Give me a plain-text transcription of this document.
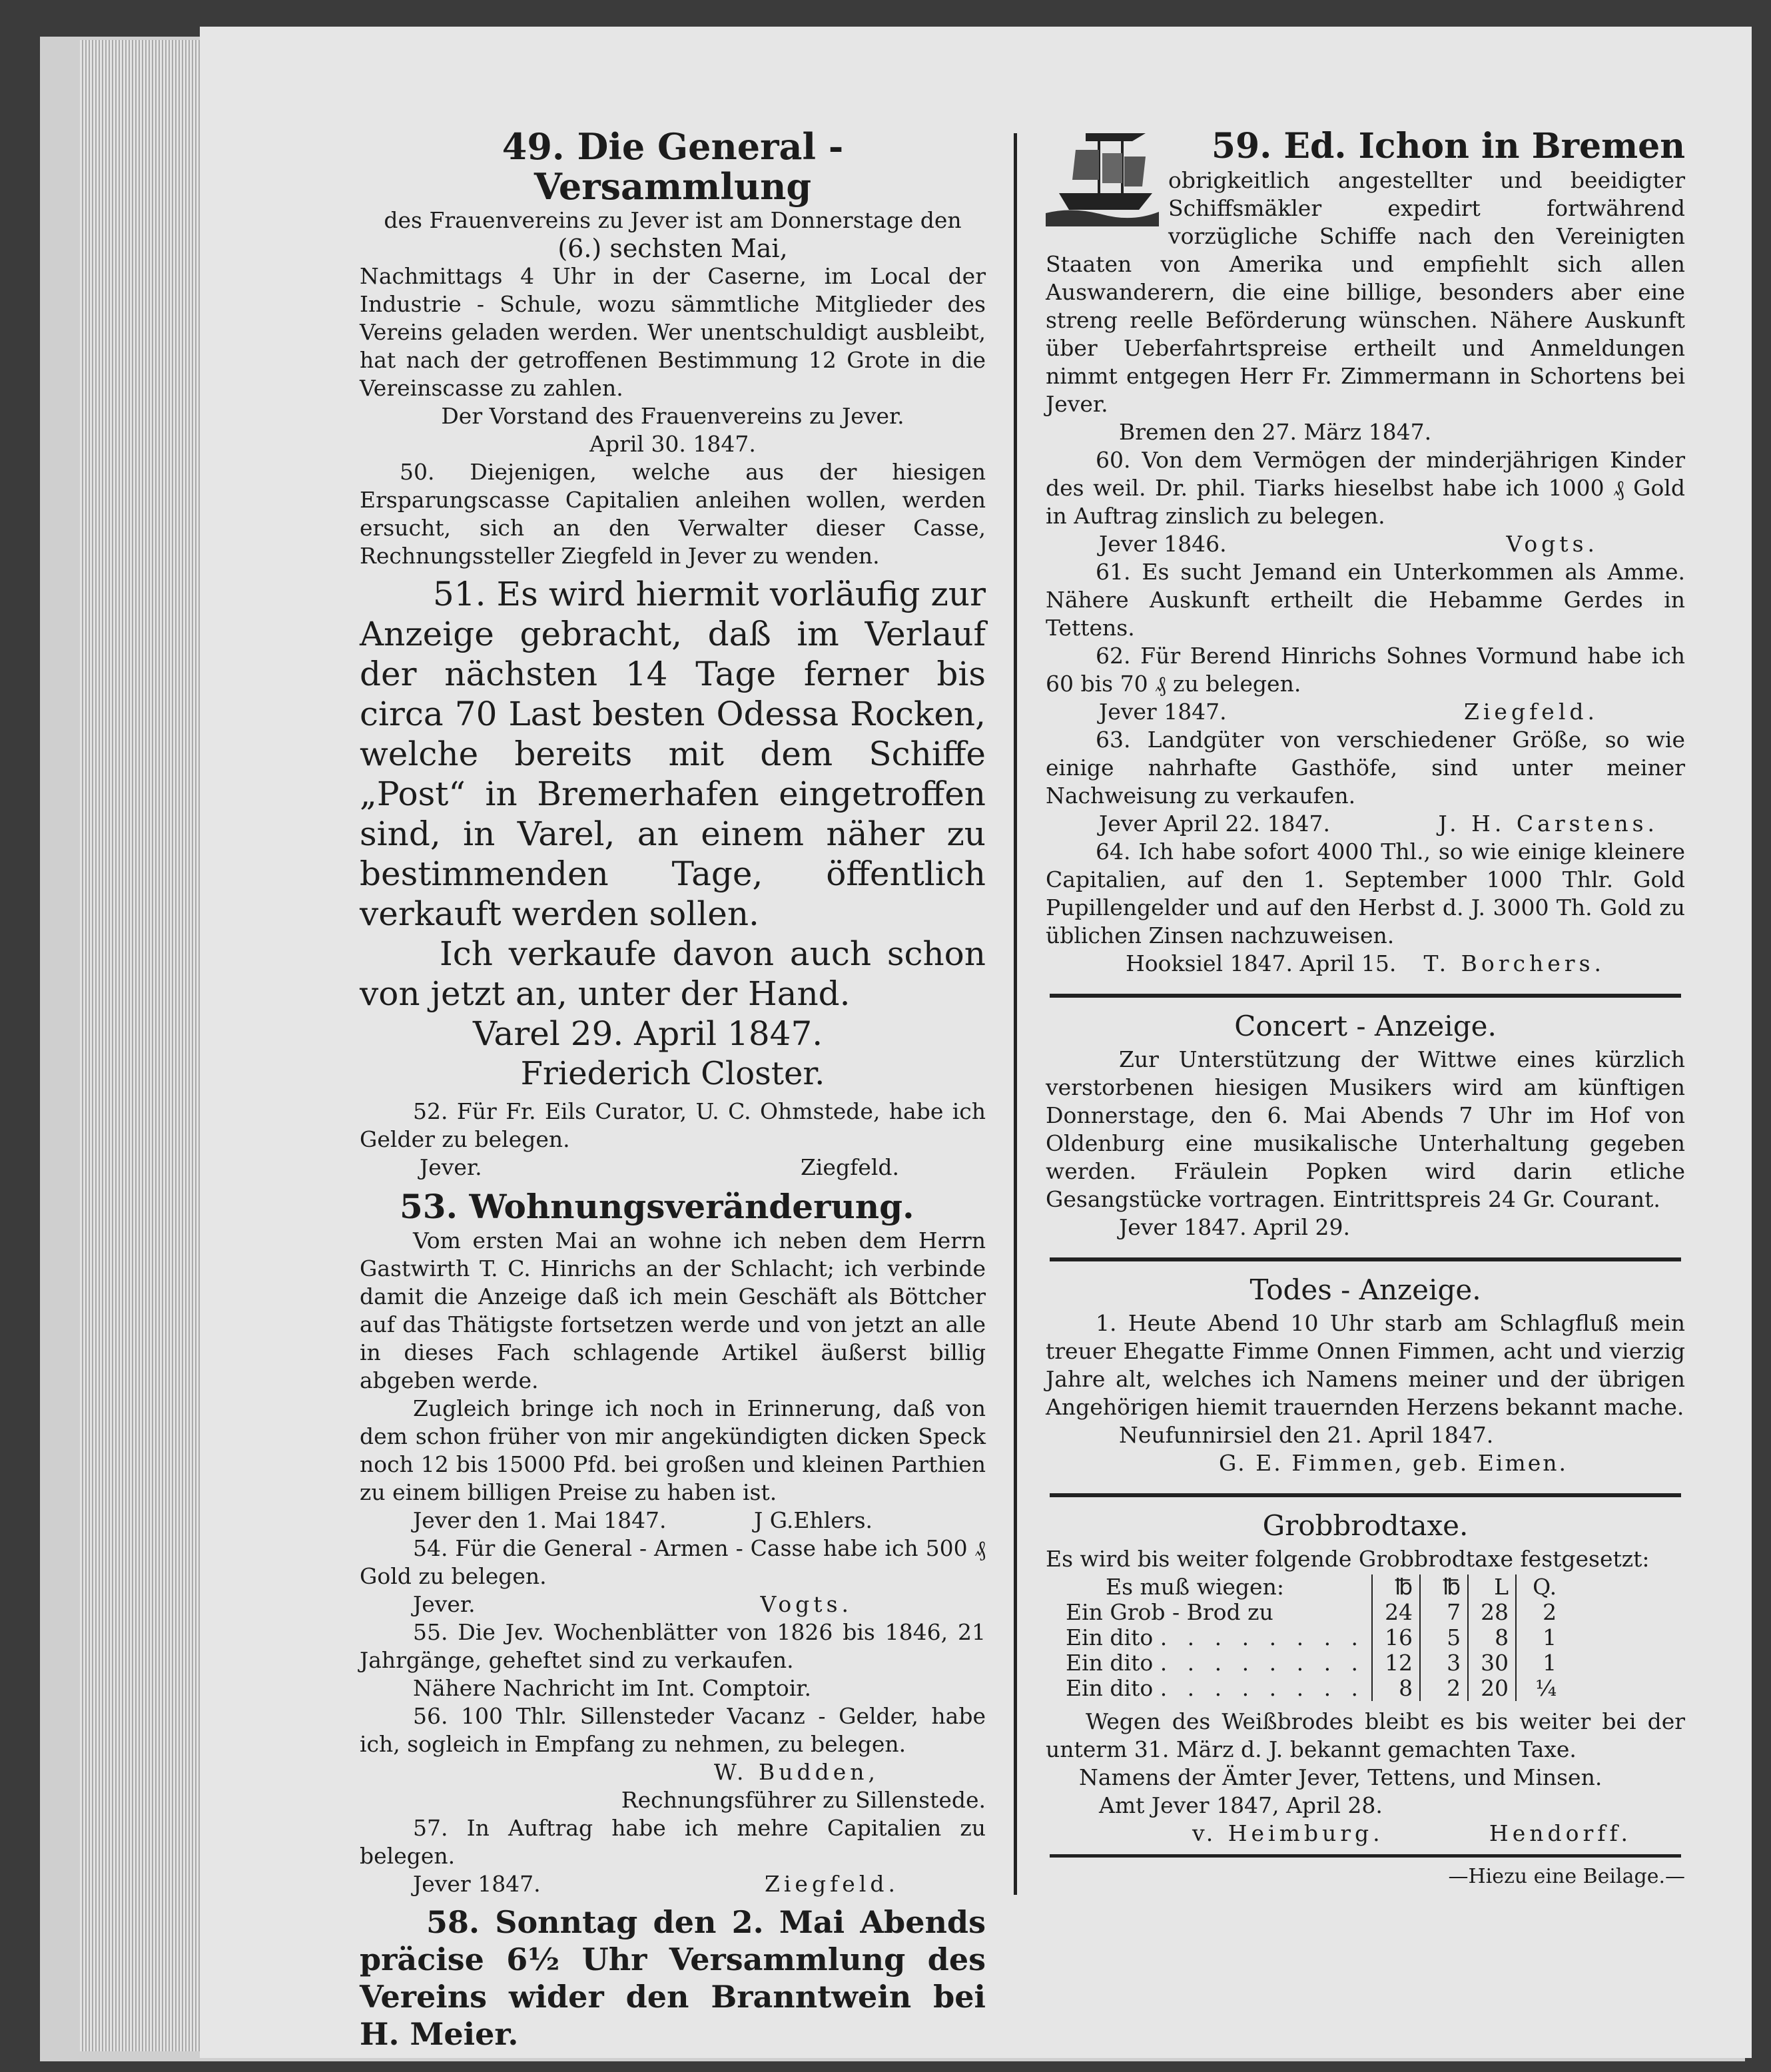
49. Die General - Versammlung

des Frauenvereins zu Jever ist am Donnerstage den

(6.) sechsten Mai,

Nachmittags 4 Uhr in der Caserne, im Local der Industrie - Schule, wozu sämmtliche Mitglieder des Vereins geladen werden. Wer unentschuldigt ausbleibt, hat nach der getroffenen Bestimmung 12 Grote in die Vereinscasse zu zahlen.

Der Vorstand des Frauenvereins zu Jever.

April 30. 1847.

50. Diejenigen, welche aus der hiesigen Ersparungscasse Capitalien anleihen wollen, werden ersucht, sich an den Verwalter dieser Casse, Rechnungssteller Ziegfeld in Jever zu wenden.

51. Es wird hiermit vorläufig zur Anzeige gebracht, daß im Verlauf der nächsten 14 Tage ferner bis circa 70 Last besten Odessa Rocken, welche bereits mit dem Schiffe „Post“ in Bremerhafen eingetroffen sind, in Varel, an einem näher zu bestimmenden Tage, öffentlich verkauft werden sollen.

Ich verkaufe davon auch schon von jetzt an, unter der Hand.

Varel 29. April 1847.

Friederich Closter.

52. Für Fr. Eils Curator, U. C. Ohmstede, habe ich Gelder zu belegen.

Jever.	Ziegfeld.

53. Wohnungsveränderung.

Vom ersten Mai an wohne ich neben dem Herrn Gastwirth T. C. Hinrichs an der Schlacht; ich verbinde damit die Anzeige daß ich mein Geschäft als Böttcher auf das Thätigste fortsetzen werde und von jetzt an alle in dieses Fach schlagende Artikel äußerst billig abgeben werde.

Zugleich bringe ich noch in Erinnerung, daß von dem schon früher von mir angekündigten dicken Speck noch 12 bis 15000 Pfd. bei großen und kleinen Parthien zu einem billigen Preise zu haben ist.

Jever den 1. Mai 1847.	J G.Ehlers.

54. Für die General - Armen - Casse habe ich 500 ₰ Gold zu belegen.

Jever.	Vogts.

55. Die Jev. Wochenblätter von 1826 bis 1846, 21 Jahrgänge, geheftet sind zu verkaufen.

Nähere Nachricht im Int. Comptoir.

56. 100 Thlr. Sillensteder Vacanz - Gelder, habe ich, sogleich in Empfang zu nehmen, zu belegen.

W. Budden,

Rechnungsführer zu Sillenstede.

57. In Auftrag habe ich mehre Capitalien zu belegen.

Jever 1847.	Ziegfeld.

58. Sonntag den 2. Mai Abends präcise 6½ Uhr Versammlung des Vereins wider den Branntwein bei H. Meier.

59. Ed. Ichon in Bremen

obrigkeitlich angestellter und beeidigter Schiffsmäkler expedirt fortwährend vorzügliche Schiffe nach den Vereinigten Staaten von Amerika und empfiehlt sich allen Auswanderern, die eine billige, besonders aber eine streng reelle Beförderung wünschen. Nähere Auskunft über Ueberfahrtspreise ertheilt und Anmeldungen nimmt entgegen Herr Fr. Zimmermann in Schortens bei Jever.

Bremen den 27. März 1847.

60. Von dem Vermögen der minderjährigen Kinder des weil. Dr. phil. Tiarks hieselbst habe ich 1000 ₰ Gold in Auftrag zinslich zu belegen.

Jever 1846.	Vogts.

61. Es sucht Jemand ein Unterkommen als Amme. Nähere Auskunft ertheilt die Hebamme Gerdes in Tettens.

62. Für Berend Hinrichs Sohnes Vormund habe ich 60 bis 70 ₰ zu belegen.

Jever 1847.	Ziegfeld.

63. Landgüter von verschiedener Größe, so wie einige nahrhafte Gasthöfe, sind unter meiner Nachweisung zu verkaufen.

Jever April 22. 1847.	J. H. Carstens.

64. Ich habe sofort 4000 Thl., so wie einige kleinere Capitalien, auf den 1. September 1000 Thlr. Gold Pupillengelder und auf den Herbst d. J. 3000 Th. Gold zu üblichen Zinsen nachzuweisen.

Hooksiel 1847. April 15. T. Borchers.

Concert - Anzeige.

Zur Unterstützung der Wittwe eines kürzlich verstorbenen hiesigen Musikers wird am künftigen Donnerstage, den 6. Mai Abends 7 Uhr im Hof von Oldenburg eine musikalische Unterhaltung gegeben werden. Fräulein Popken wird darin etliche Gesangstücke vortragen. Eintrittspreis 24 Gr. Courant.

Jever 1847. April 29.

Todes - Anzeige.

1. Heute Abend 10 Uhr starb am Schlagfluß mein treuer Ehegatte Fimme Onnen Fimmen, acht und vierzig Jahre alt, welches ich Namens meiner und der übrigen Angehörigen hiemit trauernden Herzens bekannt mache.

Neufunnirsiel den 21. April 1847.

G. E. Fimmen, geb. Eimen.

Grobbrodtaxe.

Es wird bis weiter folgende Grobbrodtaxe festgesetzt:

Es muß wiegen:	℔	℔	L	Q.
Ein Grob - Brod zu	24	7	28	2
Ein dito . . . . . . . .	16	5	8	1
Ein dito . . . . . . . .	12	3	30	1
Ein dito . . . . . . . .	8	2	20	¼

Wegen des Weißbrodes bleibt es bis weiter bei der unterm 31. März d. J. bekannt gemachten Taxe.

Namens der Ämter Jever, Tettens, und Minsen.

Amt Jever 1847, April 28.

v. Heimburg.	Hendorff.

—Hiezu eine Beilage.—
